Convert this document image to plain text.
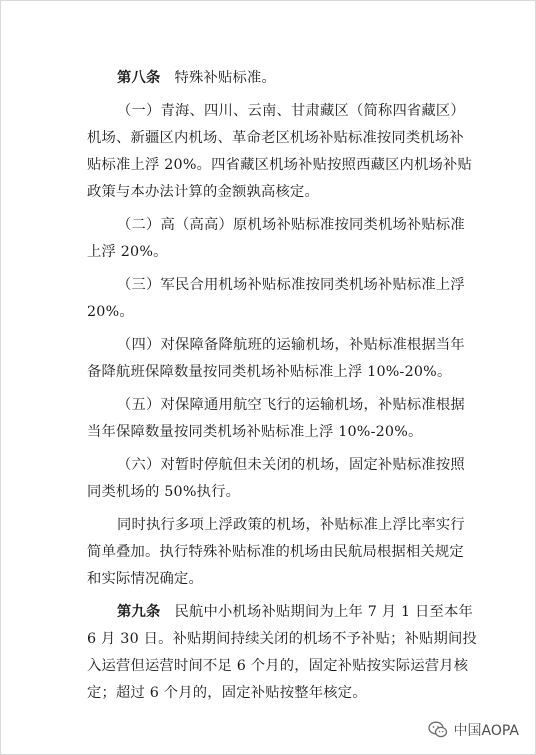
第八条 特殊补贴标准。
（一）青海、四川、云南、甘肃藏区（简称四省藏区）
机场、新疆区内机场、革命老区机场补贴标准按同类机场补
贴标准上浮 20%。四省藏区机场补贴按照西藏区内机场补贴
政策与本办法计算的金额孰高核定。
（二）高（高高）原机场补贴标准按同类机场补贴标准
上浮 20%。
（三）军民合用机场补贴标准按同类机场补贴标准上浮
20%。
（四）对保障备降航班的运输机场，补贴标准根据当年
备降航班保障数量按同类机场补贴标准上浮 10%-20%。
（五）对保障通用航空飞行的运输机场，补贴标准根据
当年保障数量按同类机场补贴标准上浮 10%-20%。
（六）对暂时停航但未关闭的机场，固定补贴标准按照
同类机场的 50%执行。
同时执行多项上浮政策的机场，补贴标准上浮比率实行
简单叠加。执行特殊补贴标准的机场由民航局根据相关规定
和实际情况确定。
第九条 民航中小机场补贴期间为上年 7 月 1 日至本年
6 月 30 日。补贴期间持续关闭的机场不予补贴；补贴期间投
入运营但运营时间不足 6 个月的，固定补贴按实际运营月核
定；超过 6 个月的，固定补贴按整年核定。
中国AOPA
